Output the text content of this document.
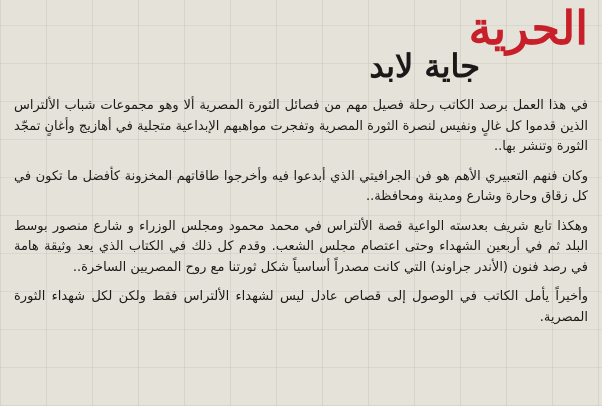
الحرية
جاية لابد

في هذا العمل برصد الكاتب رحلة فصيل مهم من فصائل الثورة المصرية ألا وهو مجموعات شباب الألتراس الذين قدموا كل غالٍ ونفيس لنصرة الثورة المصرية وتفجرت مواهبهم الإبداعية متجلية في أهازيج وأغانٍ تمجّد الثورة وتنشر بها..

وكان فنهم التعبيري الأهم هو فن الجرافيتي الذي أبدعوا فيه وأخرجوا طاقاتهم المخزونة كأفضل ما تكون في كل زقاق وحارة وشارع ومدينة ومحافظة..

وهكذا تابع شريف بعدسته الواعية قصة الألتراس في محمد محمود ومجلس الوزراء و شارع منصور بوسط البلد ثم في أربعين الشهداء وحتى اعتصام مجلس الشعب. وقدم كل ذلك في الكتاب الذي يعد وثيقة هامة في رصد فنون (الأندر جراوند) التي كانت مصدراً أساسياً شكل ثورتنا مع روح المصريين الساخرة..

وأخيراً يأمل الكاتب في الوصول إلى قصاص عادل ليس لشهداء الألتراس فقط ولكن لكل شهداء الثورة المصرية.
